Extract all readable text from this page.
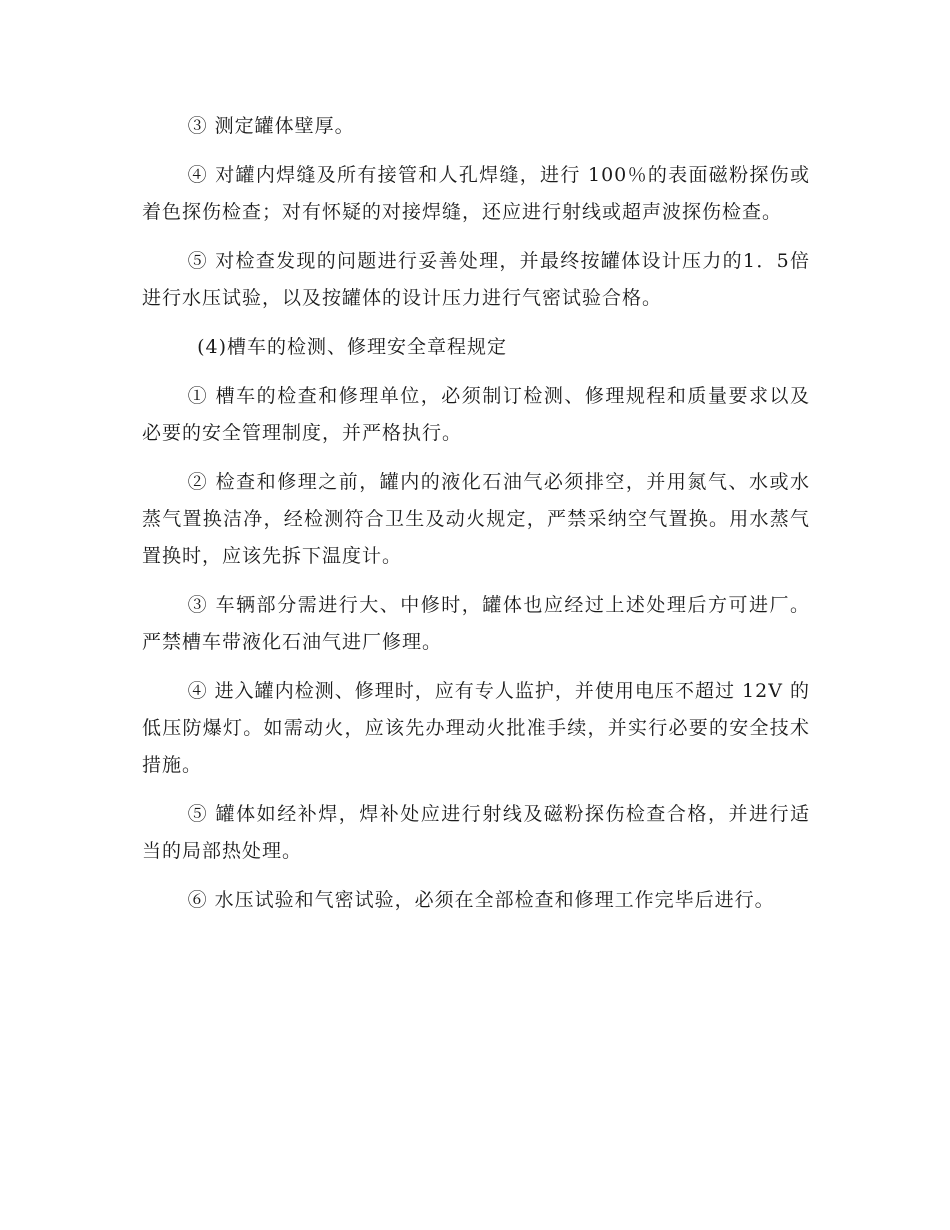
③ 测定罐体壁厚。

④ 对罐内焊缝及所有接管和人孔焊缝，进行 100％的表面磁粉探伤或着色探伤检查；对有怀疑的对接焊缝，还应进行射线或超声波探伤检查。

⑤ 对检查发现的问题进行妥善处理，并最终按罐体设计压力的1．5倍进行水压试验，以及按罐体的设计压力进行气密试验合格。

(4)槽车的检测、修理安全章程规定

① 槽车的检查和修理单位，必须制订检测、修理规程和质量要求以及必要的安全管理制度，并严格执行。

② 检查和修理之前，罐内的液化石油气必须排空，并用氮气、水或水蒸气置换洁净，经检测符合卫生及动火规定，严禁采纳空气置换。用水蒸气置换时，应该先拆下温度计。

③ 车辆部分需进行大、中修时，罐体也应经过上述处理后方可进厂。严禁槽车带液化石油气进厂修理。

④ 进入罐内检测、修理时，应有专人监护，并使用电压不超过 12V 的低压防爆灯。如需动火，应该先办理动火批准手续，并实行必要的安全技术措施。

⑤ 罐体如经补焊，焊补处应进行射线及磁粉探伤检查合格，并进行适当的局部热处理。

⑥ 水压试验和气密试验，必须在全部检查和修理工作完毕后进行。
